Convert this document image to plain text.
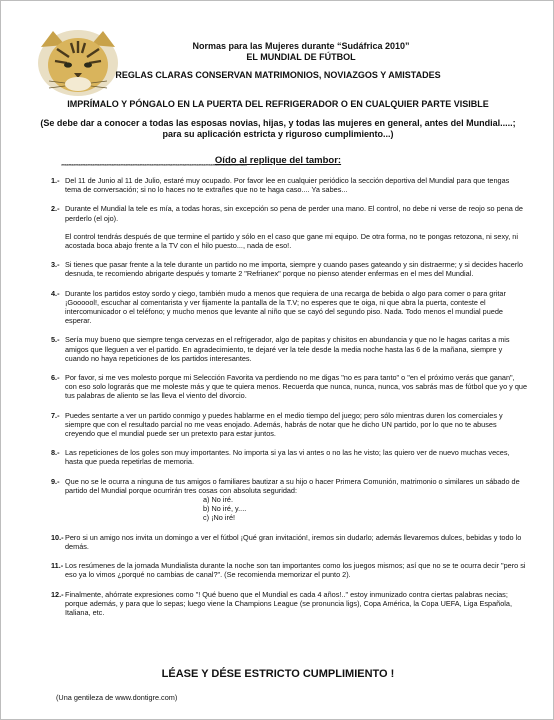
Normas para las Mujeres durante “Sudáfrica 2010”
EL MUNDIAL DE FÚTBOL
REGLAS CLARAS CONSERVAN MATRIMONIOS, NOVIAZGOS Y AMISTADES
IMPRÍMALO Y PÓNGALO EN LA PUERTA DEL REFRIGERADOR O EN CUALQUIER PARTE VISIBLE
(Se debe dar a conocer a todas las esposas novias, hijas, y todas las mujeres en general, antes del Mundial.....; para su aplicación estricta y riguroso cumplimiento...)
Oído al replique del tambor:
***********************************************************************************************************
1.- Del 11 de Junio al 11 de Julio, estaré muy ocupado. Por favor lee en cualquier periódico la sección deportiva del Mundial para que tengas tema de conversación; si no lo haces no te extrañes que no te haga caso.... Ya sabes...

2.- Durante el Mundial la tele es mía, a todas horas, sin excepción so pena de perder una mano. El control, no debe ni verse de reojo so pena de perderlo (el ojo).

El control tendrás después de que termine el partido y sólo en el caso que gane mi equipo. De otra forma, no te pongas retozona, ni sexy, ni acostada boca abajo frente a la TV con el hilo puesto..., nada de eso!.

3.- Si tienes que pasar frente a la tele durante un partido no me importa, siempre y cuando pases gateando y sin distraerme; y si decides hacerlo desnuda, te recomiendo abrigarte después y tomarte 2 "Refrianex" porque no pienso atender enfermas en el mes del Mundial.

4.- Durante los partidos estoy sordo y ciego, también mudo a menos que requiera de una recarga de bebida o algo para comer o para gritar ¡Goooool!, escuchar al comentarista y ver fijamente la pantalla de la T.V; no esperes que te oiga, ni que abra la puerta, conteste el intercomunicador o el teléfono; y mucho menos que levante al niño que se cayó del segundo piso. Nada. Todo menos el mundial puede esperar.

5.- Sería muy bueno que siempre tenga cervezas en el refrigerador, algo de papitas y chisitos en abundancia y que no le hagas caritas a mis amigos que lleguen a ver el partido. En agradecimiento, te dejaré ver la tele desde la media noche hasta las 6 de la mañana, siempre y cuando no haya repeticiones de los partidos interesantes.

6.- Por favor, si me ves molesto porque mi Selección Favorita va perdiendo no me digas "no es para tanto" o "en el próximo verás que ganan", con eso solo lograrás que me moleste más y que te quiera menos. Recuerda que nunca, nunca, nunca, vos sabrás mas de fútbol que yo y que tus palabras de aliento se las lleva el viento del divorcio.

7.- Puedes sentarte a ver un partido conmigo y puedes hablarme en el medio tiempo del juego; pero sólo mientras duren los comerciales y siempre que con el resultado parcial no me veas enojado. Además, habrás de notar que he dicho UN partido, por lo que no te abuses creyendo que el mundial puede ser un pretexto para estar juntos.

8.- Las repeticiones de los goles son muy importantes. No importa si ya las vi antes o no las he visto; las quiero ver de nuevo muchas veces, hasta que pueda repetirlas de memoria.

9.- Que no se le ocurra a ninguna de tus amigos o familiares bautizar a su hijo o hacer Primera Comunión, matrimonio o similares un sábado de partido del Mundial porque ocurrirán tres cosas con absoluta seguridad:

a) No iré.
b) No iré, y....
c) ¡No iré!
10.- Pero si un amigo nos invita un domingo a ver el fútbol ¡Qué gran invitación!, iremos sin dudarlo; además llevaremos dulces, bebidas y todo lo demás.

11.- Los resúmenes de la jornada Mundialista durante la noche son tan importantes como los juegos mismos; así que no se te ocurra decir "pero si eso ya lo vimos ¿porqué no cambias de canal?". (Se recomienda memorizar el punto 2).

12.- Finalmente, ahórrate expresiones como "! Qué bueno que el Mundial es cada 4 años!.." estoy inmunizado contra ciertas palabras necias; porque además, y para que lo sepas; luego viene la Champions League (se pronuncia ligs), Copa América, la Copa UEFA, Liga Española, Italiana, etc.

LÉASE Y DÉSE ESTRICTO CUMPLIMIENTO !
(Una gentileza de www.dontigre.com)
